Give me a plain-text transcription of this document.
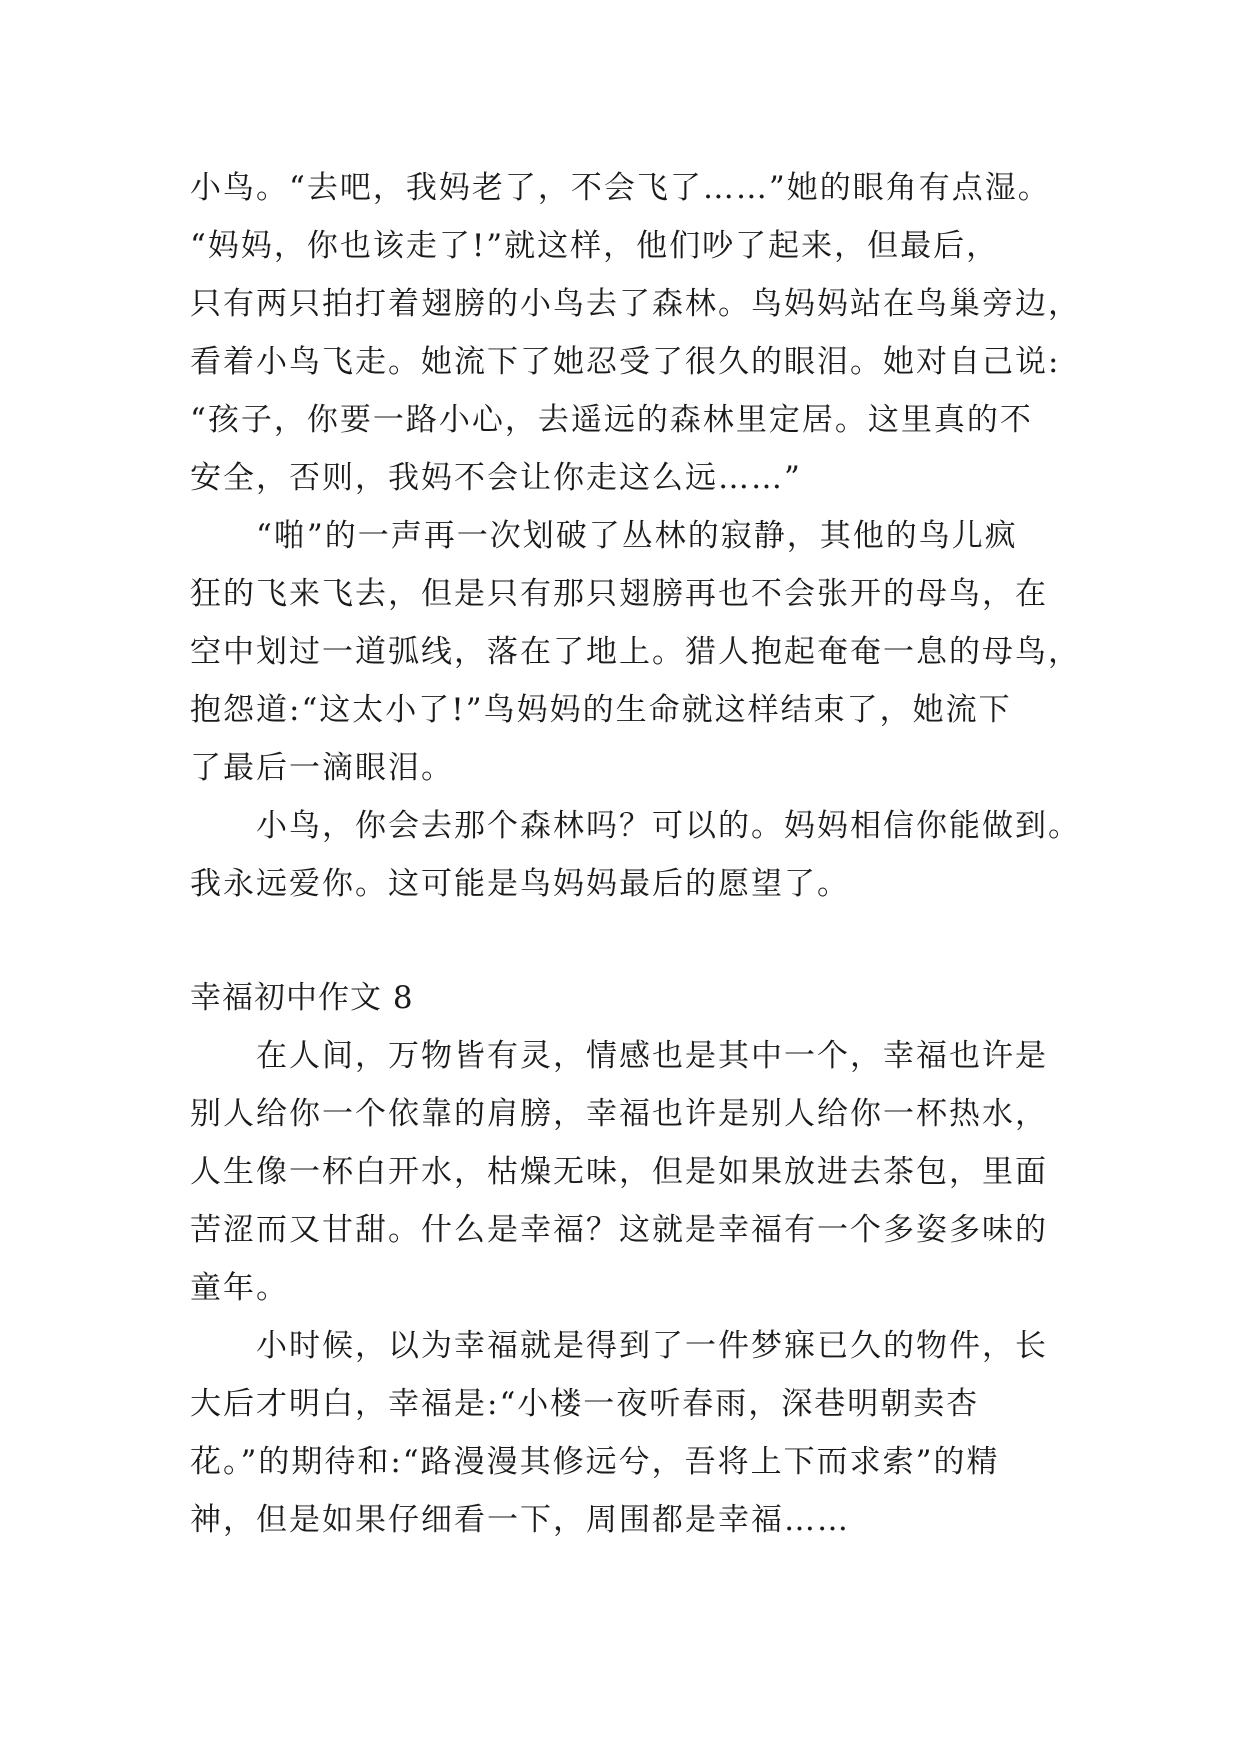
小鸟。“去吧，我妈老了，不会飞了……”她的眼角有点湿。

“妈妈，你也该走了!”就这样，他们吵了起来，但最后，

只有两只拍打着翅膀的小鸟去了森林。鸟妈妈站在鸟巢旁边，

看着小鸟飞走。她流下了她忍受了很久的眼泪。她对自己说:

“孩子，你要一路小心，去遥远的森林里定居。这里真的不

安全，否则，我妈不会让你走这么远……”

“啪”的一声再一次划破了丛林的寂静，其他的鸟儿疯

狂的飞来飞去，但是只有那只翅膀再也不会张开的母鸟，在

空中划过一道弧线，落在了地上。猎人抱起奄奄一息的母鸟，

抱怨道:“这太小了!”鸟妈妈的生命就这样结束了，她流下

了最后一滴眼泪。

小鸟，你会去那个森林吗？可以的。妈妈相信你能做到。

我永远爱你。这可能是鸟妈妈最后的愿望了。

幸福初中作文 8

在人间，万物皆有灵，情感也是其中一个，幸福也许是

别人给你一个依靠的肩膀，幸福也许是别人给你一杯热水，

人生像一杯白开水，枯燥无味，但是如果放进去茶包，里面

苦涩而又甘甜。什么是幸福？这就是幸福有一个多姿多味的

童年。

小时候，以为幸福就是得到了一件梦寐已久的物件，长

大后才明白，幸福是:“小楼一夜听春雨，深巷明朝卖杏

花。”的期待和:“路漫漫其修远兮，吾将上下而求索”的精

神，但是如果仔细看一下，周围都是幸福……
